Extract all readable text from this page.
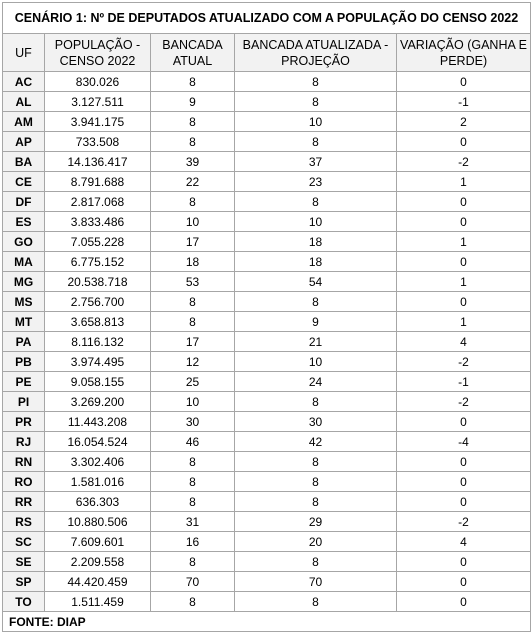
CENÁRIO 1: Nº DE DEPUTADOS ATUALIZADO COM A POPULAÇÃO DO CENSO 2022				
UF	POPULAÇÃO - CENSO 2022	BANCADA ATUAL	BANCADA ATUALIZADA - PROJEÇÃO	VARIAÇÃO (GANHA E PERDE)
AC	830.026	8	8	0
AL	3.127.511	9	8	-1
AM	3.941.175	8	10	2
AP	733.508	8	8	0
BA	14.136.417	39	37	-2
CE	8.791.688	22	23	1
DF	2.817.068	8	8	0
ES	3.833.486	10	10	0
GO	7.055.228	17	18	1
MA	6.775.152	18	18	0
MG	20.538.718	53	54	1
MS	2.756.700	8	8	0
MT	3.658.813	8	9	1
PA	8.116.132	17	21	4
PB	3.974.495	12	10	-2
PE	9.058.155	25	24	-1
PI	3.269.200	10	8	-2
PR	11.443.208	30	30	0
RJ	16.054.524	46	42	-4
RN	3.302.406	8	8	0
RO	1.581.016	8	8	0
RR	636.303	8	8	0
RS	10.880.506	31	29	-2
SC	7.609.601	16	20	4
SE	2.209.558	8	8	0
SP	44.420.459	70	70	0
TO	1.511.459	8	8	0
FONTE: DIAP				
